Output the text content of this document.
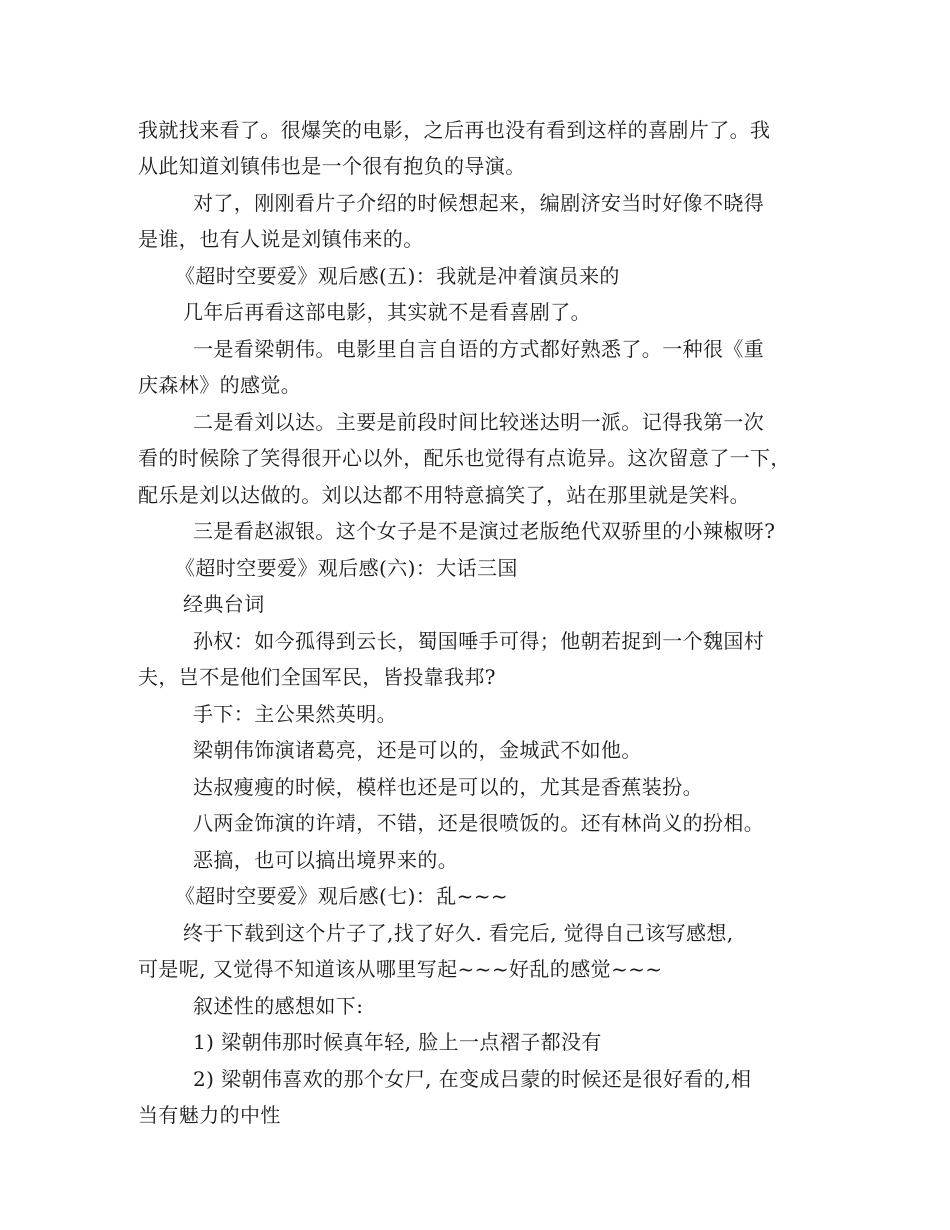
我就找来看了。很爆笑的电影，之后再也没有看到这样的喜剧片了。我
从此知道刘镇伟也是一个很有抱负的导演。
对了，刚刚看片子介绍的时候想起来，编剧济安当时好像不晓得
是谁，也有人说是刘镇伟来的。
《超时空要爱》观后感(五)：我就是冲着演员来的
几年后再看这部电影，其实就不是看喜剧了。
一是看梁朝伟。电影里自言自语的方式都好熟悉了。一种很《重
庆森林》的感觉。
二是看刘以达。主要是前段时间比较迷达明一派。记得我第一次
看的时候除了笑得很开心以外，配乐也觉得有点诡异。这次留意了一下，
配乐是刘以达做的。刘以达都不用特意搞笑了，站在那里就是笑料。
三是看赵淑银。这个女子是不是演过老版绝代双骄里的小辣椒呀?
《超时空要爱》观后感(六)：大话三国
经典台词
孙权：如今孤得到云长，蜀国唾手可得；他朝若捉到一个魏国村
夫，岂不是他们全国军民，皆投靠我邦?
手下：主公果然英明。
梁朝伟饰演诸葛亮，还是可以的，金城武不如他。
达叔瘦瘦的时候，模样也还是可以的，尤其是香蕉装扮。
八两金饰演的许靖，不错，还是很喷饭的。还有林尚义的扮相。
恶搞，也可以搞出境界来的。
《超时空要爱》观后感(七)：乱~~~
终于下载到这个片子了,找了好久. 看完后, 觉得自己该写感想,
可是呢, 又觉得不知道该从哪里写起~~~好乱的感觉~~~
叙述性的感想如下:
1) 梁朝伟那时候真年轻, 脸上一点褶子都没有
2) 梁朝伟喜欢的那个女尸, 在变成吕蒙的时候还是很好看的,相
当有魅力的中性
